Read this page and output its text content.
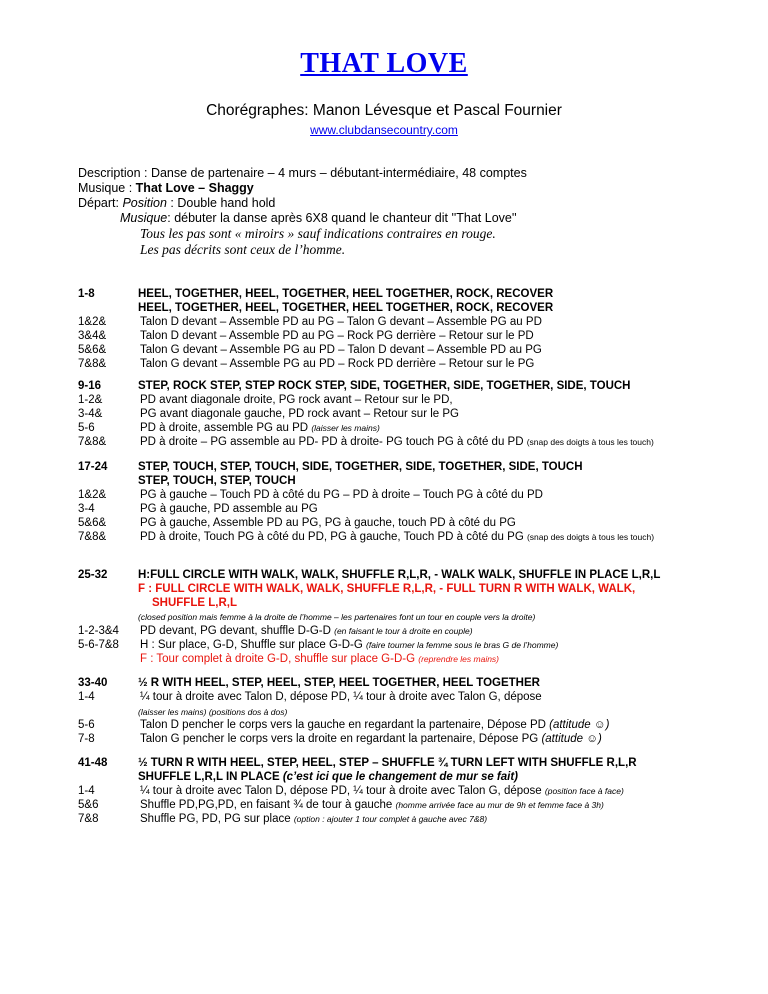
THAT LOVE
Chorégraphes: Manon Lévesque et Pascal Fournier
www.clubdansecountry.com
Description : Danse de partenaire – 4 murs – débutant-intermédiaire, 48 comptes
Musique : That Love – Shaggy
Départ: Position : Double hand hold
Musique: débuter la danse après 6X8 quand le chanteur dit ''That Love''
Tous les pas sont « miroirs » sauf indications contraires en rouge.
Les pas décrits sont ceux de l’homme.
1-8	HEEL, TOGETHER, HEEL, TOGETHER, HEEL TOGETHER, ROCK, RECOVER
HEEL, TOGETHER, HEEL, TOGETHER, HEEL TOGETHER, ROCK, RECOVER
1&2&	Talon D devant – Assemble PD au PG – Talon G devant – Assemble PG au PD
3&4&	Talon D devant – Assemble PD au PG – Rock PG derrière – Retour sur le PD
5&6&	Talon G devant – Assemble PG au PD – Talon D devant – Assemble PD au PG
7&8&	Talon G devant – Assemble PG au PD – Rock PD derrière – Retour sur le PG
9-16	STEP, ROCK STEP, STEP ROCK STEP, SIDE, TOGETHER, SIDE, TOGETHER, SIDE, TOUCH
1-2&	PD avant diagonale droite, PG rock avant – Retour sur le PD,
3-4&	PG avant diagonale gauche, PD rock avant – Retour sur le PG
5-6	PD à droite, assemble PG au PD (laisser les mains)
7&8&	PD à droite – PG assemble au PD- PD à droite- PG touch PG à côté du PD (snap des doigts à tous les touch)
17-24	STEP, TOUCH, STEP, TOUCH, SIDE, TOGETHER, SIDE, TOGETHER, SIDE, TOUCH
STEP, TOUCH, STEP, TOUCH
1&2&	PG à gauche – Touch PD à côté du PG – PD à droite – Touch PG à côté du PD
3-4	PG à gauche, PD assemble au PG
5&6&	PG à gauche, Assemble PD au PG, PG à gauche, touch PD à côté du PG
7&8&	PD à droite, Touch PG à côté du PD, PG à gauche, Touch PD à côté du PG (snap des doigts à tous les touch)
25-32	H:FULL CIRCLE WITH WALK, WALK, SHUFFLE R,L,R, - WALK WALK, SHUFFLE IN PLACE L,R,L
F : FULL CIRCLE WITH WALK, WALK, SHUFFLE R,L,R, - FULL TURN R WITH WALK, WALK,
SHUFFLE L,R,L
(closed position mais femme à la droite de l’homme – les partenaires font un tour en couple vers la droite)
1-2-3&4 PD devant, PG devant, shuffle D-G-D (en faisant le tour à droite en couple)
5-6-7&8 H : Sur place, G-D, Shuffle sur place G-D-G (faire tourner la femme sous le bras G de l’homme)
F : Tour complet à droite G-D, shuffle sur place G-D-G (reprendre les mains)
33-40	½ R WITH HEEL, STEP, HEEL, STEP, HEEL TOGETHER, HEEL TOGETHER
1-4	¼ tour à droite avec Talon D, dépose PD, ¼ tour à droite avec Talon G, dépose
(laisser les mains) (positions dos à dos)
5-6	Talon D pencher le corps vers la gauche en regardant la partenaire, Dépose PD (attitude ☺)
7-8	Talon G pencher le corps vers la droite en regardant la partenaire, Dépose PG (attitude ☺)
41-48	½ TURN R WITH HEEL, STEP, HEEL, STEP – SHUFFLE ¾ TURN LEFT WITH SHUFFLE R,L,R
SHUFFLE L,R,L IN PLACE (c’est ici que le changement de mur se fait)
1-4	¼ tour à droite avec Talon D, dépose PD, ¼ tour à droite avec Talon G, dépose (position face à face)
5&6	Shuffle PD,PG,PD, en faisant ¾ de tour à gauche (homme arrivée face au mur de 9h et femme face à 3h)
7&8	Shuffle PG, PD, PG sur place (option : ajouter 1 tour complet à gauche avec 7&8)
